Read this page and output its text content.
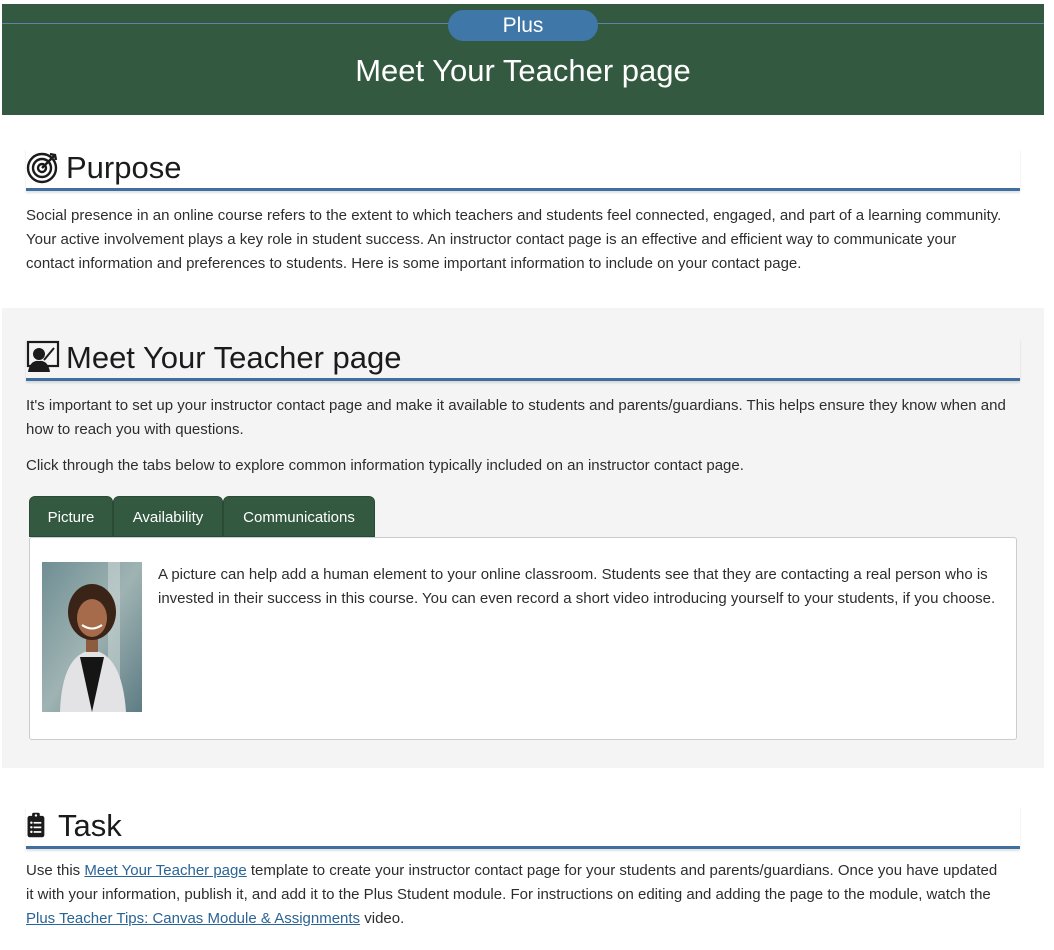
Plus
Meet Your Teacher page
Purpose

Social presence in an online course refers to the extent to which teachers and students feel connected, engaged, and part of a learning community. Your active involvement plays a key role in student success. An instructor contact page is an effective and efficient way to communicate your contact information and preferences to students. Here is some important information to include on your contact page.

Meet Your Teacher page

It's important to set up your instructor contact page and make it available to students and parents/guardians. This helps ensure they know when and how to reach you with questions.

Click through the tabs below to explore common information typically included on an instructor contact page.

Picture	Availability	Communications

A picture can help add a human element to your online classroom. Students see that they are contacting a real person who is invested in their success in this course. You can even record a short video introducing yourself to your students, if you choose.

Task

Use this Meet Your Teacher page template to create your instructor contact page for your students and parents/guardians. Once you have updated it with your information, publish it, and add it to the Plus Student module. For instructions on editing and adding the page to the module, watch the Plus Teacher Tips: Canvas Module & Assignments video.
